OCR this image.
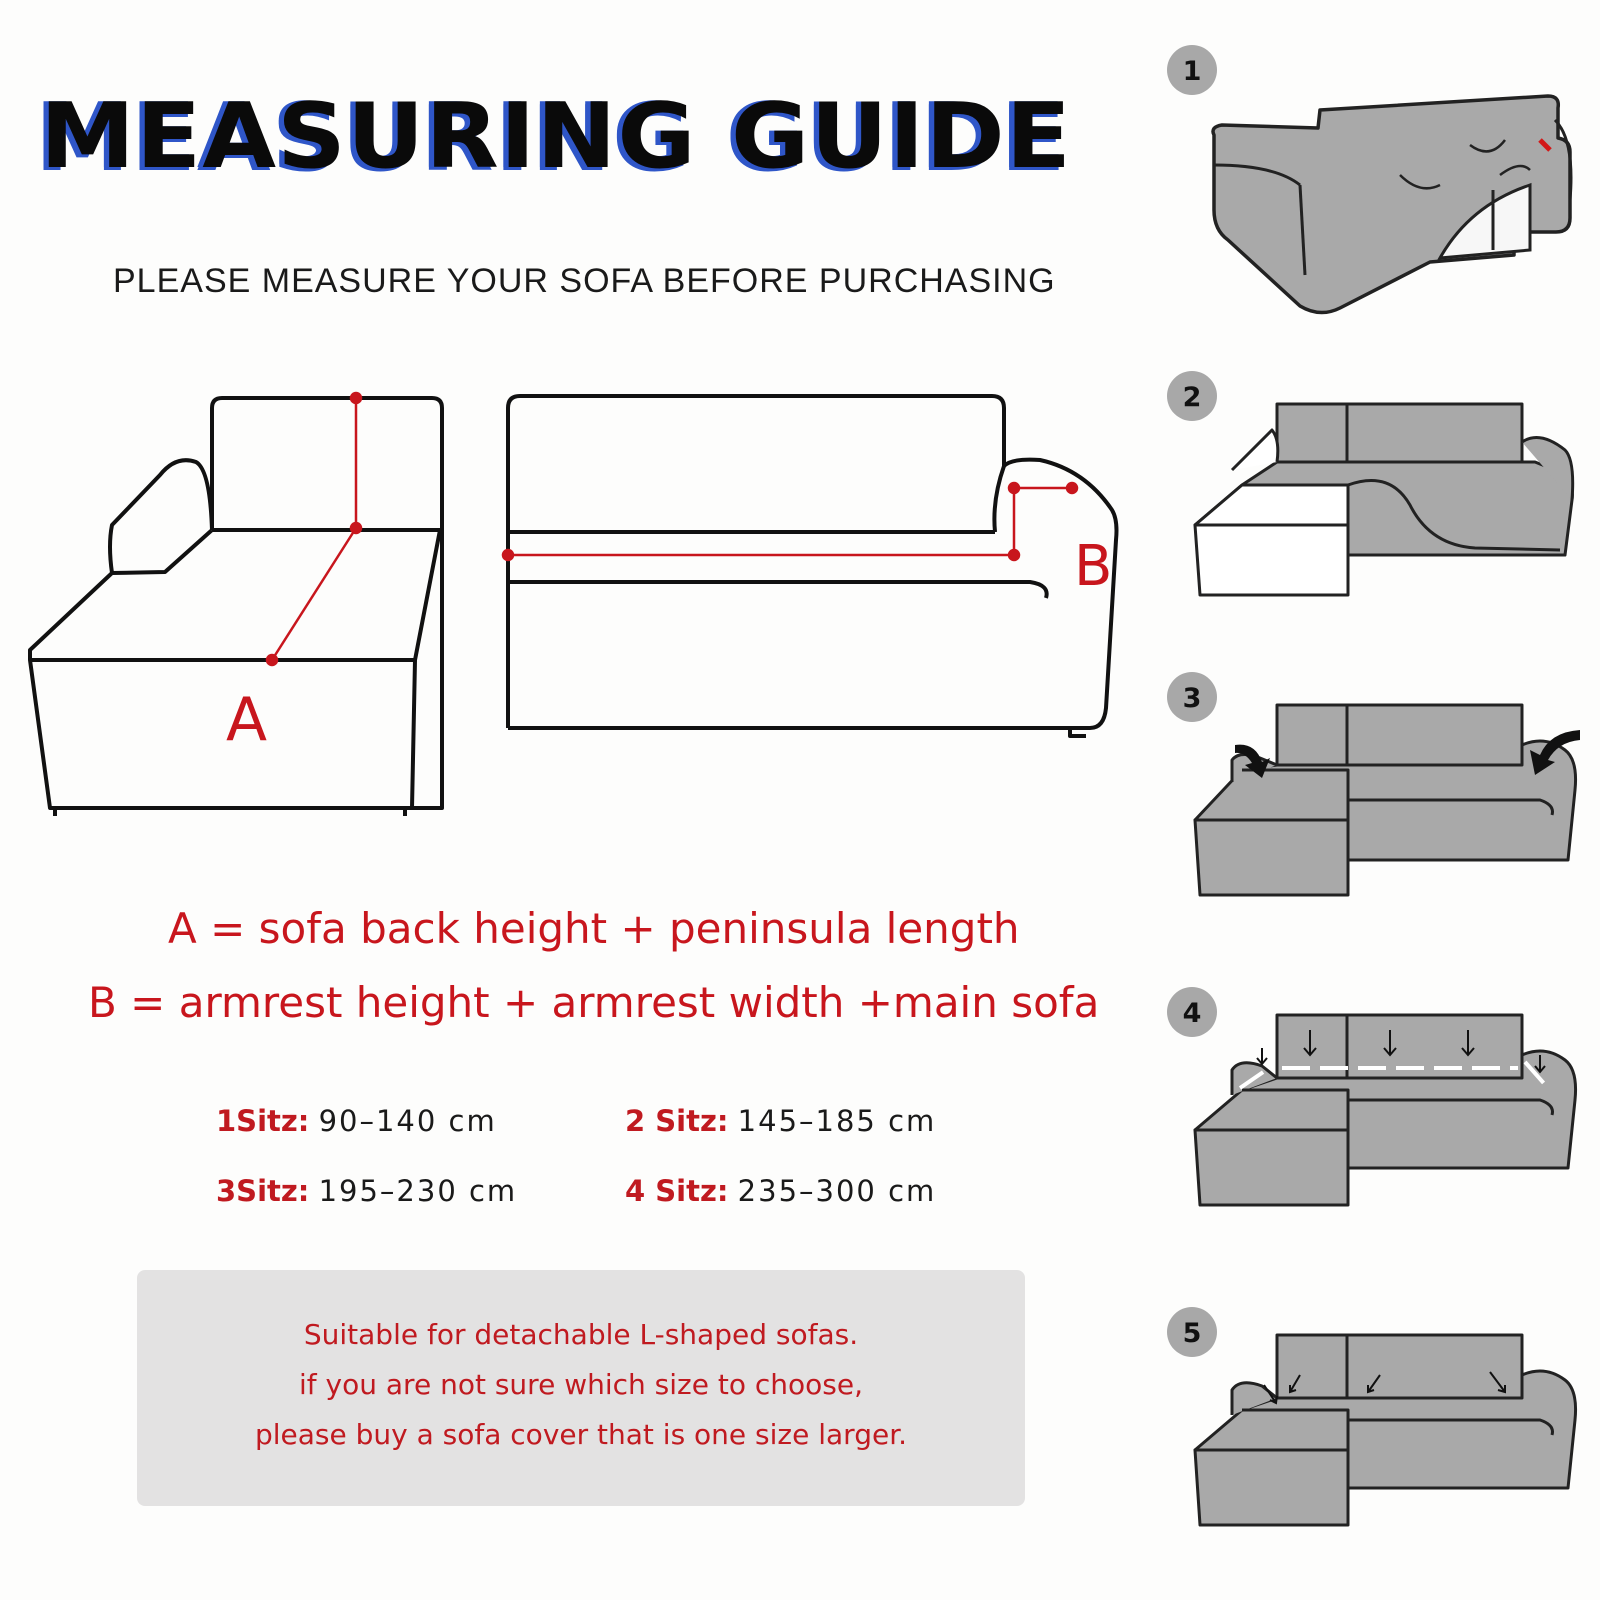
MEASURING GUIDE
PLEASE MEASURE YOUR SOFA BEFORE PURCHASING
A
B
A = sofa back height + peninsula length
B = armrest height + armrest width +main sofa
1Sitz: 90–140 cm	2 Sitz: 145–185 cm
3Sitz: 195–230 cm	4 Sitz: 235–300 cm
Suitable for detachable L-shaped sofas.
if you are not sure which size to choose,
please buy a sofa cover that is one size larger.
1
2
3
4
5
